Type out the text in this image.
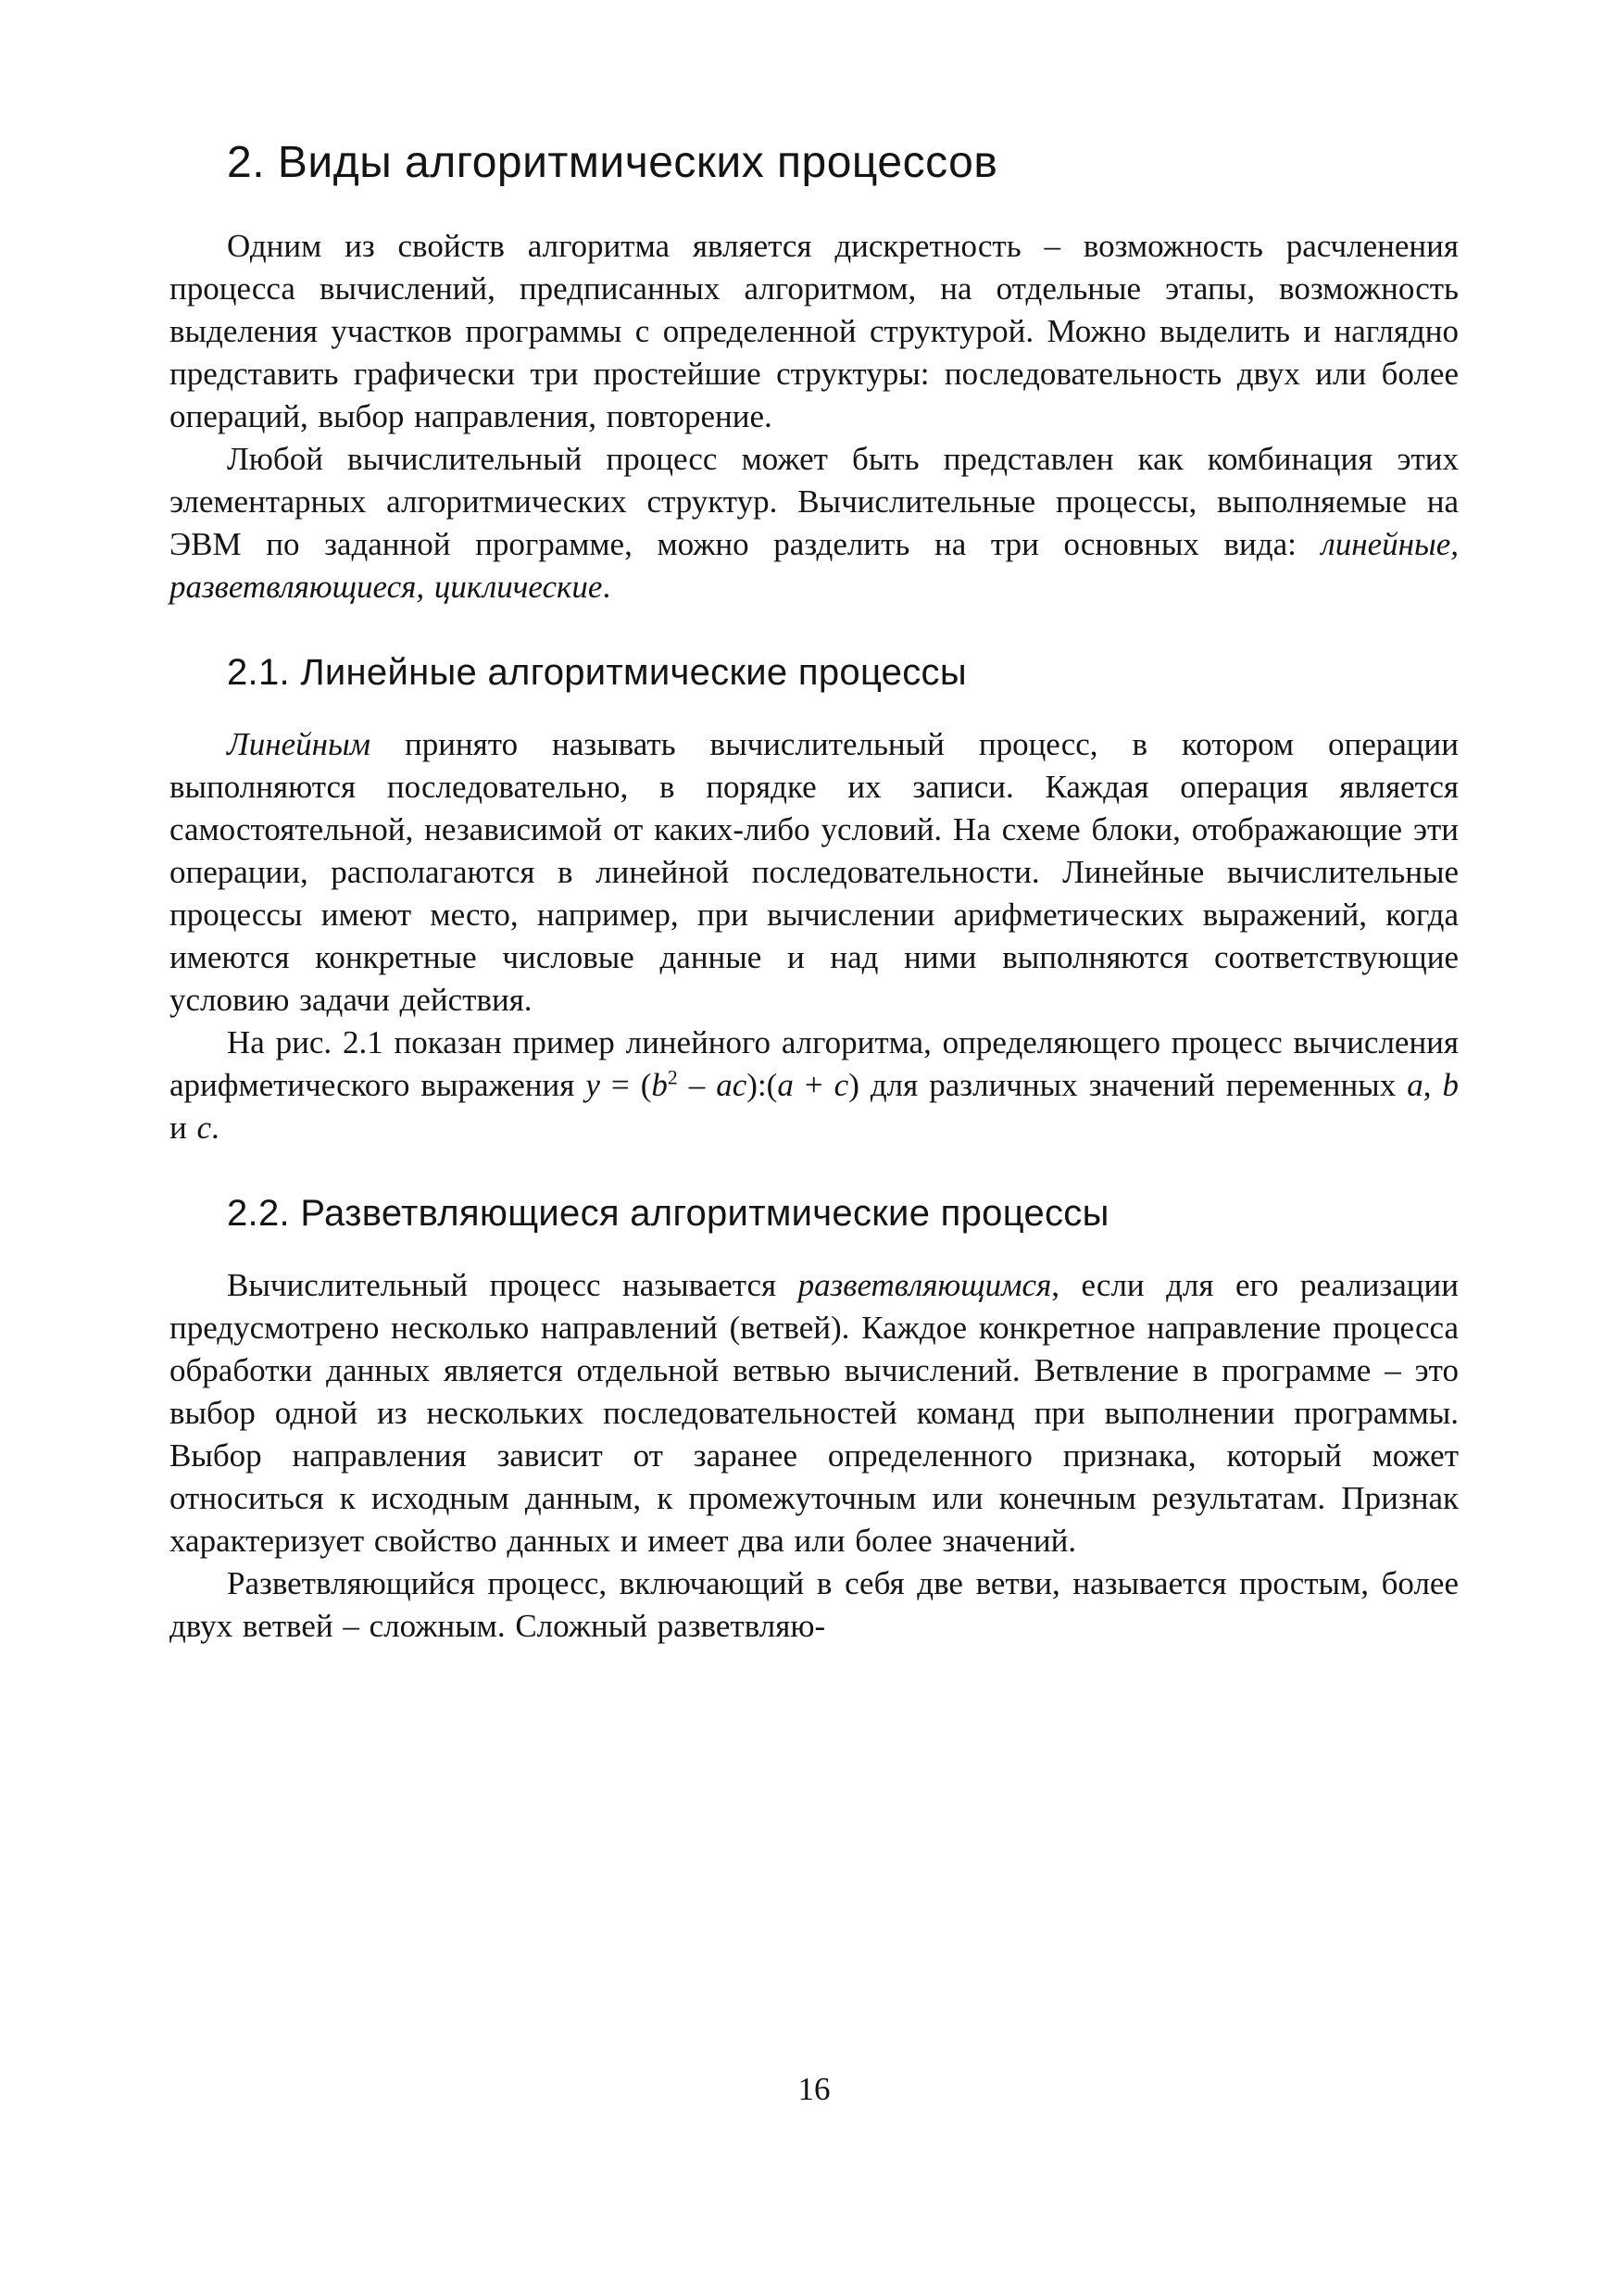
2. Виды алгоритмических процессов

Одним из свойств алгоритма является дискретность – возможность расчленения процесса вычислений, предписанных алгоритмом, на отдельные этапы, возможность выделения участков программы с определенной структурой. Можно выделить и наглядно представить графически три простейшие структуры: последовательность двух или более операций, выбор направления, повторение.

Любой вычислительный процесс может быть представлен как комбинация этих элементарных алгоритмических структур. Вычислительные процессы, выполняемые на ЭВМ по заданной программе, можно разделить на три основных вида: линейные, разветвляющиеся, циклические.

2.1. Линейные алгоритмические процессы

Линейным принято называть вычислительный процесс, в котором операции выполняются последовательно, в порядке их записи. Каждая операция является самостоятельной, независимой от каких-либо условий. На схеме блоки, отображающие эти операции, располагаются в линейной последовательности. Линейные вычислительные процессы имеют место, например, при вычислении арифметических выражений, когда имеются конкретные числовые данные и над ними выполняются соответствующие условию задачи действия.

На рис. 2.1 показан пример линейного алгоритма, определяющего процесс вычисления арифметического выражения $y = (b^2$ – ac):(a + c) для различных значений переменных a, b и c.

2.2. Разветвляющиеся алгоритмические процессы

Вычислительный процесс называется разветвляющимся, если для его реализации предусмотрено несколько направлений (ветвей). Каждое конкретное направление процесса обработки данных является отдельной ветвью вычислений. Ветвление в программе – это выбор одной из нескольких последовательностей команд при выполнении программы. Выбор направления зависит от заранее определенного признака, который может относиться к исходным данным, к промежуточным или конечным результатам. Признак характеризует свойство данных и имеет два или более значений.

Разветвляющийся процесс, включающий в себя две ветви, называется простым, более двух ветвей – сложным. Сложный разветвляю-

16
